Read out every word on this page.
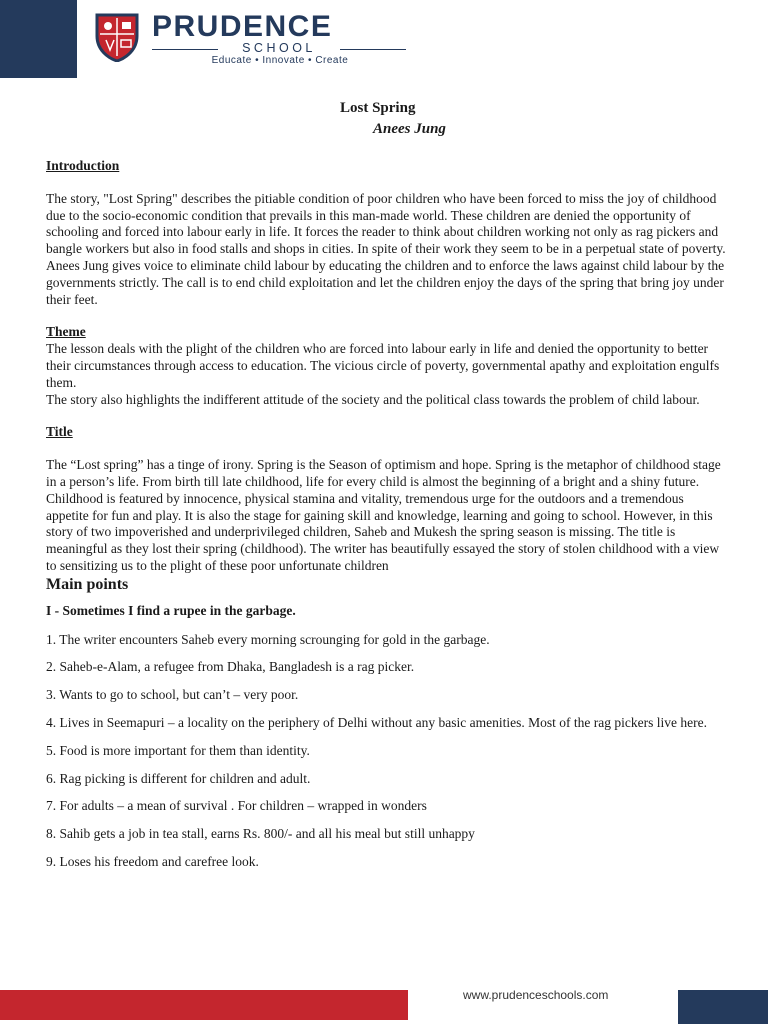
PRUDENCE
SCHOOL
Educate • Innovate • Create
Lost Spring
Anees Jung

Introduction

The story, "Lost Spring" describes the pitiable condition of poor children who have been forced to miss the joy of childhood due to the socio-economic condition that prevails in this man-made world. These children are denied the opportunity of schooling and forced into labour early in life. It forces the reader to think about children working not only as rag pickers and bangle workers but also in food stalls and shops in cities. In spite of their work they seem to be in a perpetual state of poverty.

Anees Jung gives voice to eliminate child labour by educating the children and to enforce the laws against child labour by the governments strictly. The call is to end child exploitation and let the children enjoy the days of the spring that bring joy under their feet.

Theme

The lesson deals with the plight of the children who are forced into labour early in life and denied the opportunity to better their circumstances through access to education. The vicious circle of poverty, governmental apathy and exploitation engulfs them.

The story also highlights the indifferent attitude of the society and the political class towards the problem of child labour.

Title

The “Lost spring” has a tinge of irony. Spring is the Season of optimism and hope. Spring is the metaphor of childhood stage in a person’s life. From birth till late childhood, life for every child is almost the beginning of a bright and a shiny future. Childhood is featured by innocence, physical stamina and vitality, tremendous urge for the outdoors and a tremendous appetite for fun and play. It is also the stage for gaining skill and knowledge, learning and going to school. However, in this story of two impoverished and underprivileged children, Saheb and Mukesh the spring season is missing. The title is meaningful as they lost their spring (childhood). The writer has beautifully essayed the story of stolen childhood with a view to sensitizing us to the plight of these poor unfortunate children

Main points

I - Sometimes I find a rupee in the garbage.

1. The writer encounters Saheb every morning scrounging for gold in the garbage.

2. Saheb-e-Alam, a refugee from Dhaka, Bangladesh is a rag picker.

3. Wants to go to school, but can’t – very poor.

4. Lives in Seemapuri – a locality on the periphery of Delhi without any basic amenities. Most of the rag pickers live here.

5. Food is more important for them than identity.

6. Rag picking is different for children and adult.

7. For adults – a mean of survival . For children – wrapped in wonders

8. Sahib gets a job in tea stall, earns Rs. 800/- and all his meal but still unhappy

9. Loses his freedom and carefree look.

www.prudenceschools.com
